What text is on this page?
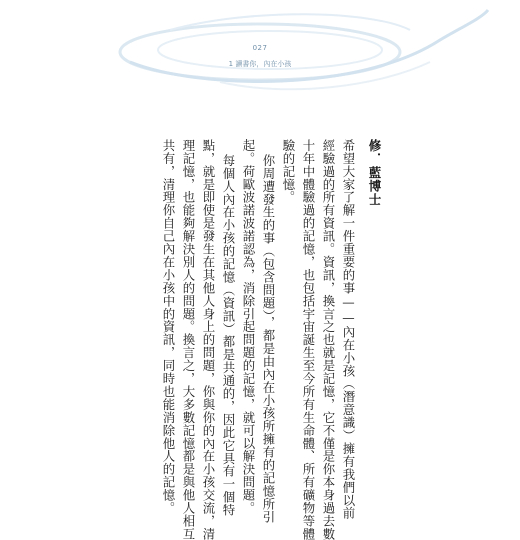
027
1 讀書你，內在小孩
修．藍博士
希望大家了解一件重要的事——內在小孩（潛意識）擁有我們以前
經驗過的所有資訊。資訊，換言之也就是記憶，它不僅是你本身過去數
十年中體驗過的記憶，也包括宇宙誕生至今所有生命體、所有礦物等體
驗的記憶。
你周遭發生的事（包含問題），都是由內在小孩所擁有的記憶所引
起。荷歐波諾波諾認為，消除引起問題的記憶，就可以解決問題。
每個人內在小孩的記憶（資訊）都是共通的，因此它具有一個特
點，就是即使是發生在其他人身上的問題，你與你的內在小孩交流，清
理記憶，也能夠解決別人的問題。換言之，大多數記憶都是與他人相互
共有，清理你自己內在小孩中的資訊，同時也能消除他人的記憶。
